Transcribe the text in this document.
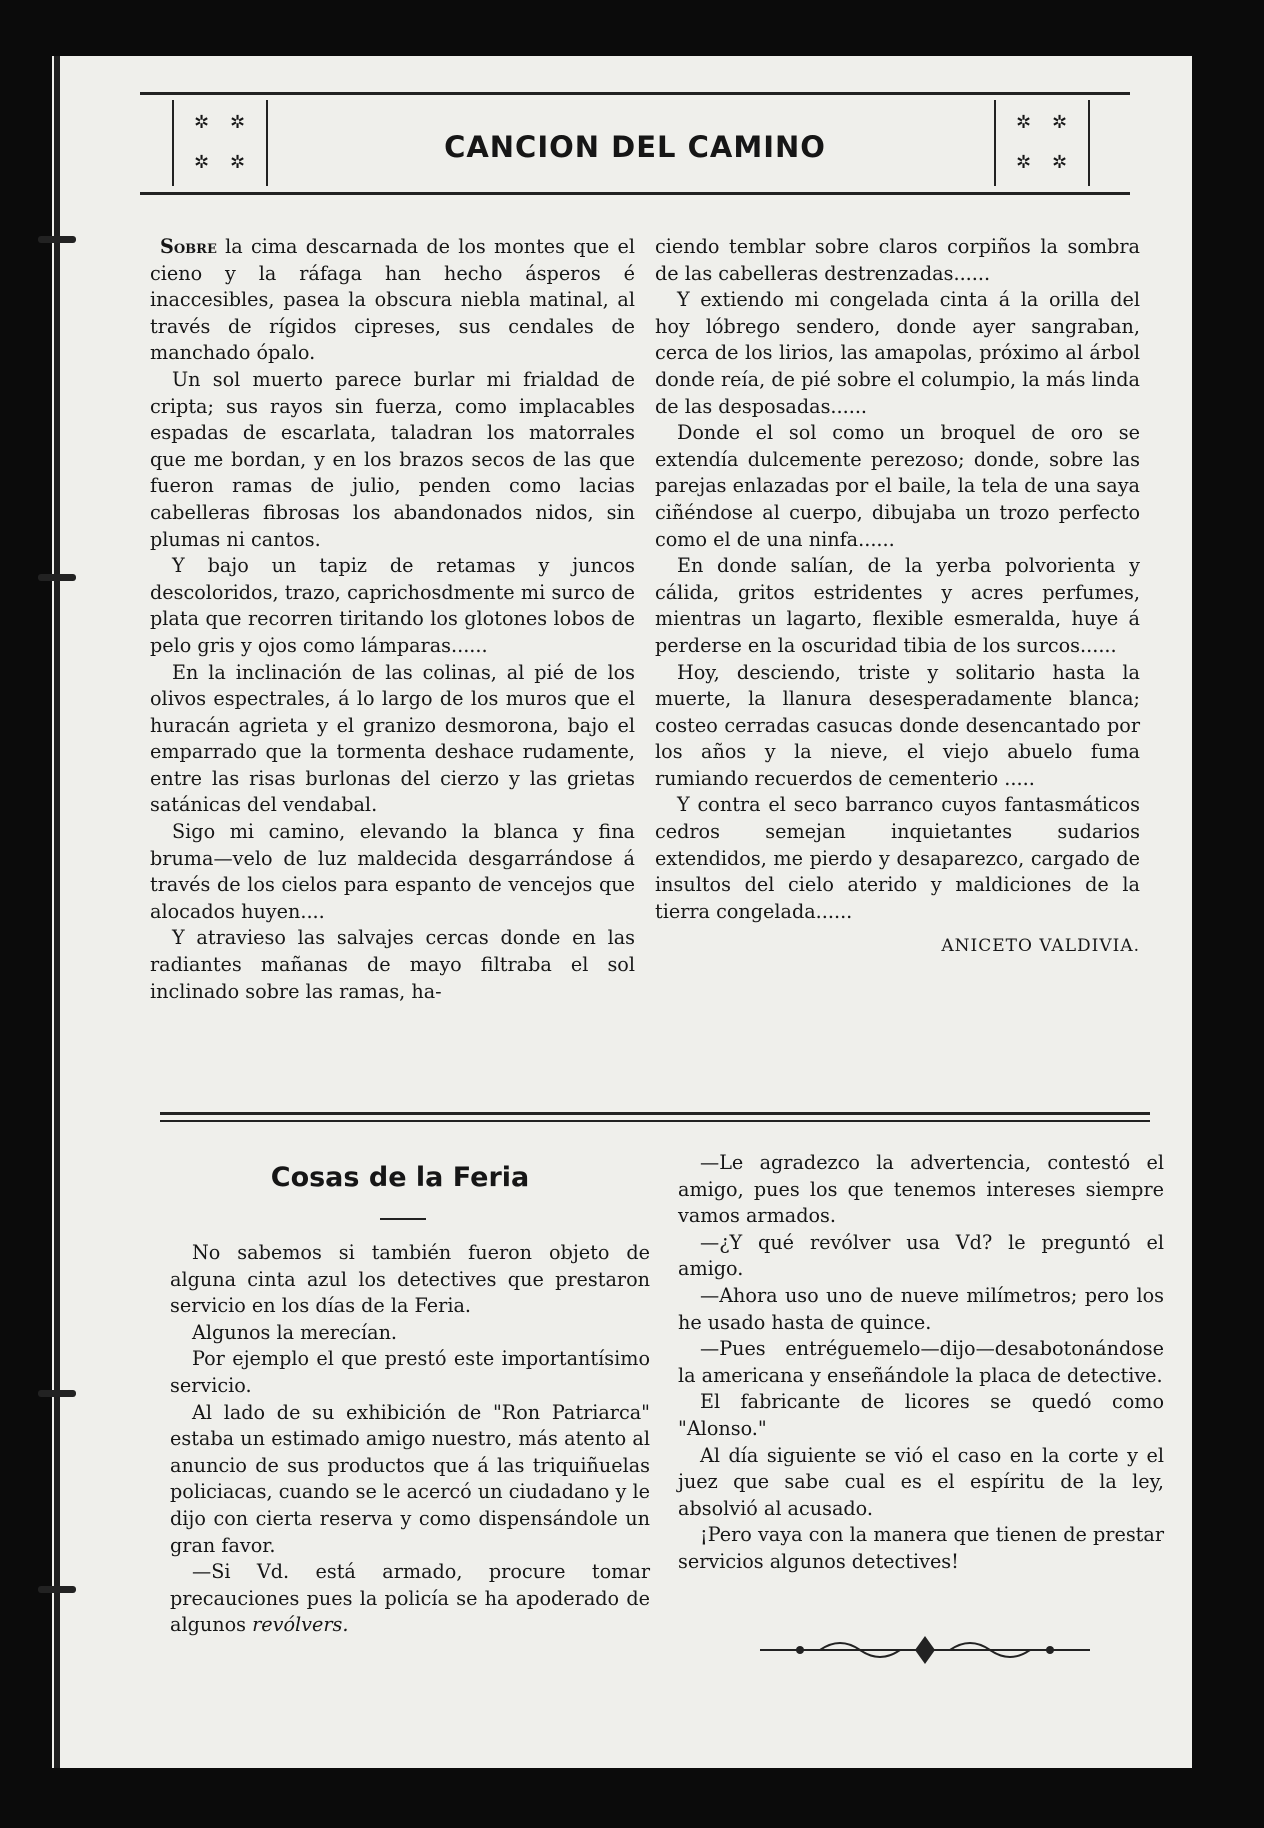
✲ ✲
✲ ✲	CANCION DEL CAMINO
✲ ✲
✲ ✲

Sobre la cima descarnada de los montes que el cieno y la ráfaga han hecho ásperos é inaccesibles, pasea la obscura niebla matinal, al través de rígidos cipreses, sus cendales de manchado ópalo.

Un sol muerto parece burlar mi frialdad de cripta; sus rayos sin fuerza, como implacables espadas de escarlata, taladran los matorrales que me bordan, y en los brazos secos de las que fueron ramas de julio, penden como lacias cabelleras fibrosas los abandonados nidos, sin plumas ni cantos.

Y bajo un tapiz de retamas y juncos descoloridos, trazo, caprichosdmente mi surco de plata que recorren tiritando los glotones lobos de pelo gris y ojos como lámparas......

En la inclinación de las colinas, al pié de los olivos espectrales, á lo largo de los muros que el huracán agrieta y el granizo desmorona, bajo el emparrado que la tormenta deshace rudamente, entre las risas burlonas del cierzo y las grietas satánicas del vendabal.

Sigo mi camino, elevando la blanca y fina bruma—velo de luz maldecida desgarrándose á través de los cielos para espanto de vencejos que alocados huyen....

Y atravieso las salvajes cercas donde en las radiantes mañanas de mayo filtraba el sol inclinado sobre las ramas, ha-

ciendo temblar sobre claros corpiños la sombra de las cabelleras destrenzadas......

Y extiendo mi congelada cinta á la orilla del hoy lóbrego sendero, donde ayer sangraban, cerca de los lirios, las amapolas, próximo al árbol donde reía, de pié sobre el columpio, la más linda de las desposadas......

Donde el sol como un broquel de oro se extendía dulcemente perezoso; donde, sobre las parejas enlazadas por el baile, la tela de una saya ciñéndose al cuerpo, dibujaba un trozo perfecto como el de una ninfa......

En donde salían, de la yerba polvorienta y cálida, gritos estridentes y acres perfumes, mientras un lagarto, flexible esmeralda, huye á perderse en la oscuridad tibia de los surcos......

Hoy, desciendo, triste y solitario hasta la muerte, la llanura desesperadamente blanca; costeo cerradas casucas donde desencantado por los años y la nieve, el viejo abuelo fuma rumiando recuerdos de cementerio .....

Y contra el seco barranco cuyos fantasmáticos cedros semejan inquietantes sudarios extendidos, me pierdo y desaparezco, cargado de insultos del cielo aterido y maldiciones de la tierra congelada......

ANICETO VALDIVIA.
Cosas de la Feria

No sabemos si también fueron objeto de alguna cinta azul los detectives que prestaron servicio en los días de la Feria.

Algunos la merecían.

Por ejemplo el que prestó este importantísimo servicio.

Al lado de su exhibición de "Ron Patriarca" estaba un estimado amigo nuestro, más atento al anuncio de sus productos que á las triquiñuelas policiacas, cuando se le acercó un ciudadano y le dijo con cierta reserva y como dispensándole un gran favor.

—Si Vd. está armado, procure tomar precauciones pues la policía se ha apoderado de algunos revólvers.

—Le agradezco la advertencia, contestó el amigo, pues los que tenemos intereses siempre vamos armados.

—¿Y qué revólver usa Vd? le preguntó el amigo.

—Ahora uso uno de nueve milímetros; pero los he usado hasta de quince.

—Pues entréguemelo—dijo—desabotonándose la americana y enseñándole la placa de detective.

El fabricante de licores se quedó como "Alonso."

Al día siguiente se vió el caso en la corte y el juez que sabe cual es el espíritu de la ley, absolvió al acusado.

¡Pero vaya con la manera que tienen de prestar servicios algunos detectives!
